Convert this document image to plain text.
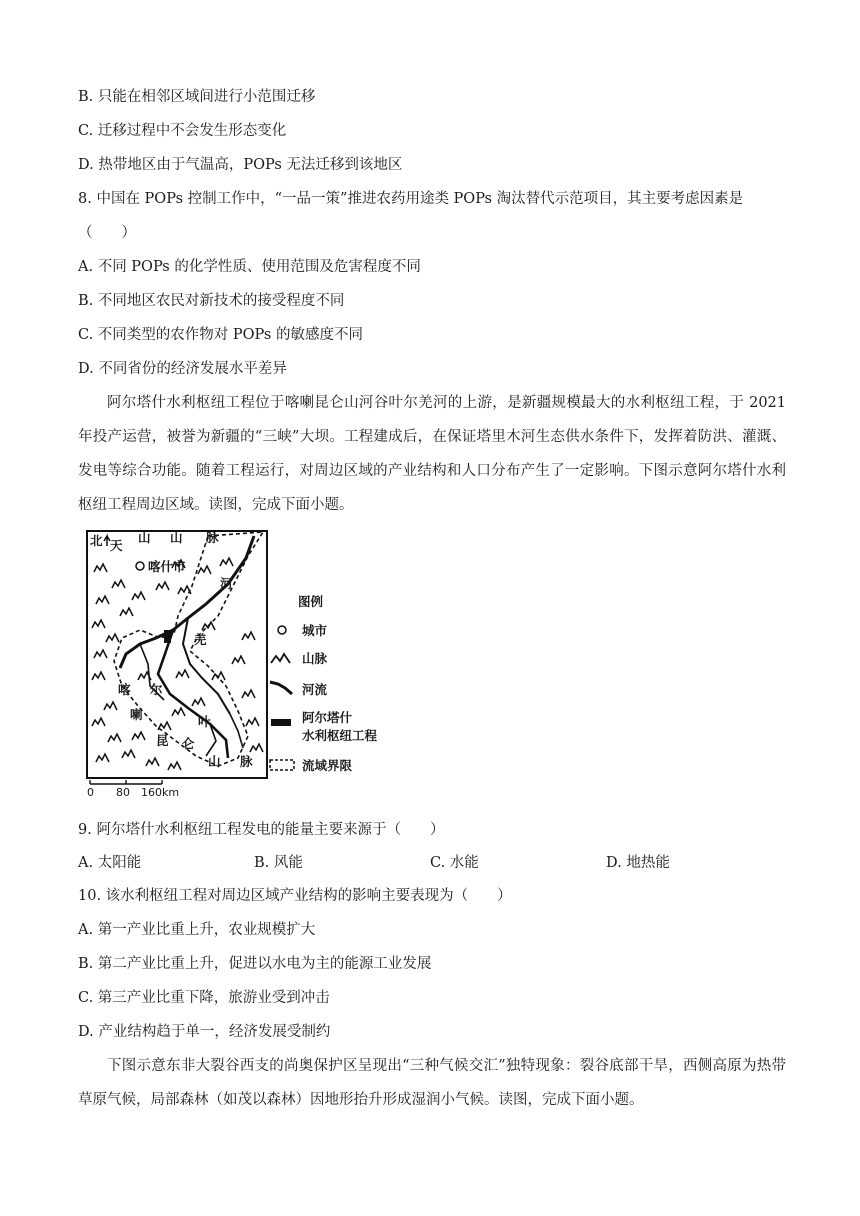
B. 只能在相邻区域间进行小范围迁移
C. 迁移过程中不会发生形态变化
D. 热带地区由于气温高，POPs 无法迁移到该地区
8. 中国在 POPs 控制工作中，“一品一策”推进农药用途类 POPs 淘汰替代示范项目，其主要考虑因素是
（　　）
A. 不同 POPs 的化学性质、使用范围及危害程度不同
B. 不同地区农民对新技术的接受程度不同
C. 不同类型的农作物对 POPs 的敏感度不同
D. 不同省份的经济发展水平差异
阿尔塔什水利枢纽工程位于喀喇昆仑山河谷叶尔羌河的上游，是新疆规模最大的水利枢纽工程，于 2021 年投产运营，被誉为新疆的“三峡”大坝。工程建成后，在保证塔里木河生态供水条件下，发挥着防洪、灌溉、发电等综合功能。随着工程运行，对周边区域的产业结构和人口分布产生了一定影响。下图示意阿尔塔什水利枢纽工程周边区域。读图，完成下面小题。
北
喀什市
天
山 山 脉
河
羌
尔
叶
喀
喇
昆 仑
山 脉
图例
城市
山脉
河流
阿尔塔什
水利枢纽工程
流域界限
0 80 160km
9. 阿尔塔什水利枢纽工程发电的能量主要来源于（　　）
A. 太阳能	B. 风能	C. 水能	D. 地热能
10. 该水利枢纽工程对周边区域产业结构的影响主要表现为（　　）
A. 第一产业比重上升，农业规模扩大
B. 第二产业比重上升，促进以水电为主的能源工业发展
C. 第三产业比重下降，旅游业受到冲击
D. 产业结构趋于单一，经济发展受制约
下图示意东非大裂谷西支的尚奥保护区呈现出“三种气候交汇”独特现象：裂谷底部干旱，西侧高原为热带草原气候，局部森林（如茂以森林）因地形抬升形成湿润小气候。读图，完成下面小题。
